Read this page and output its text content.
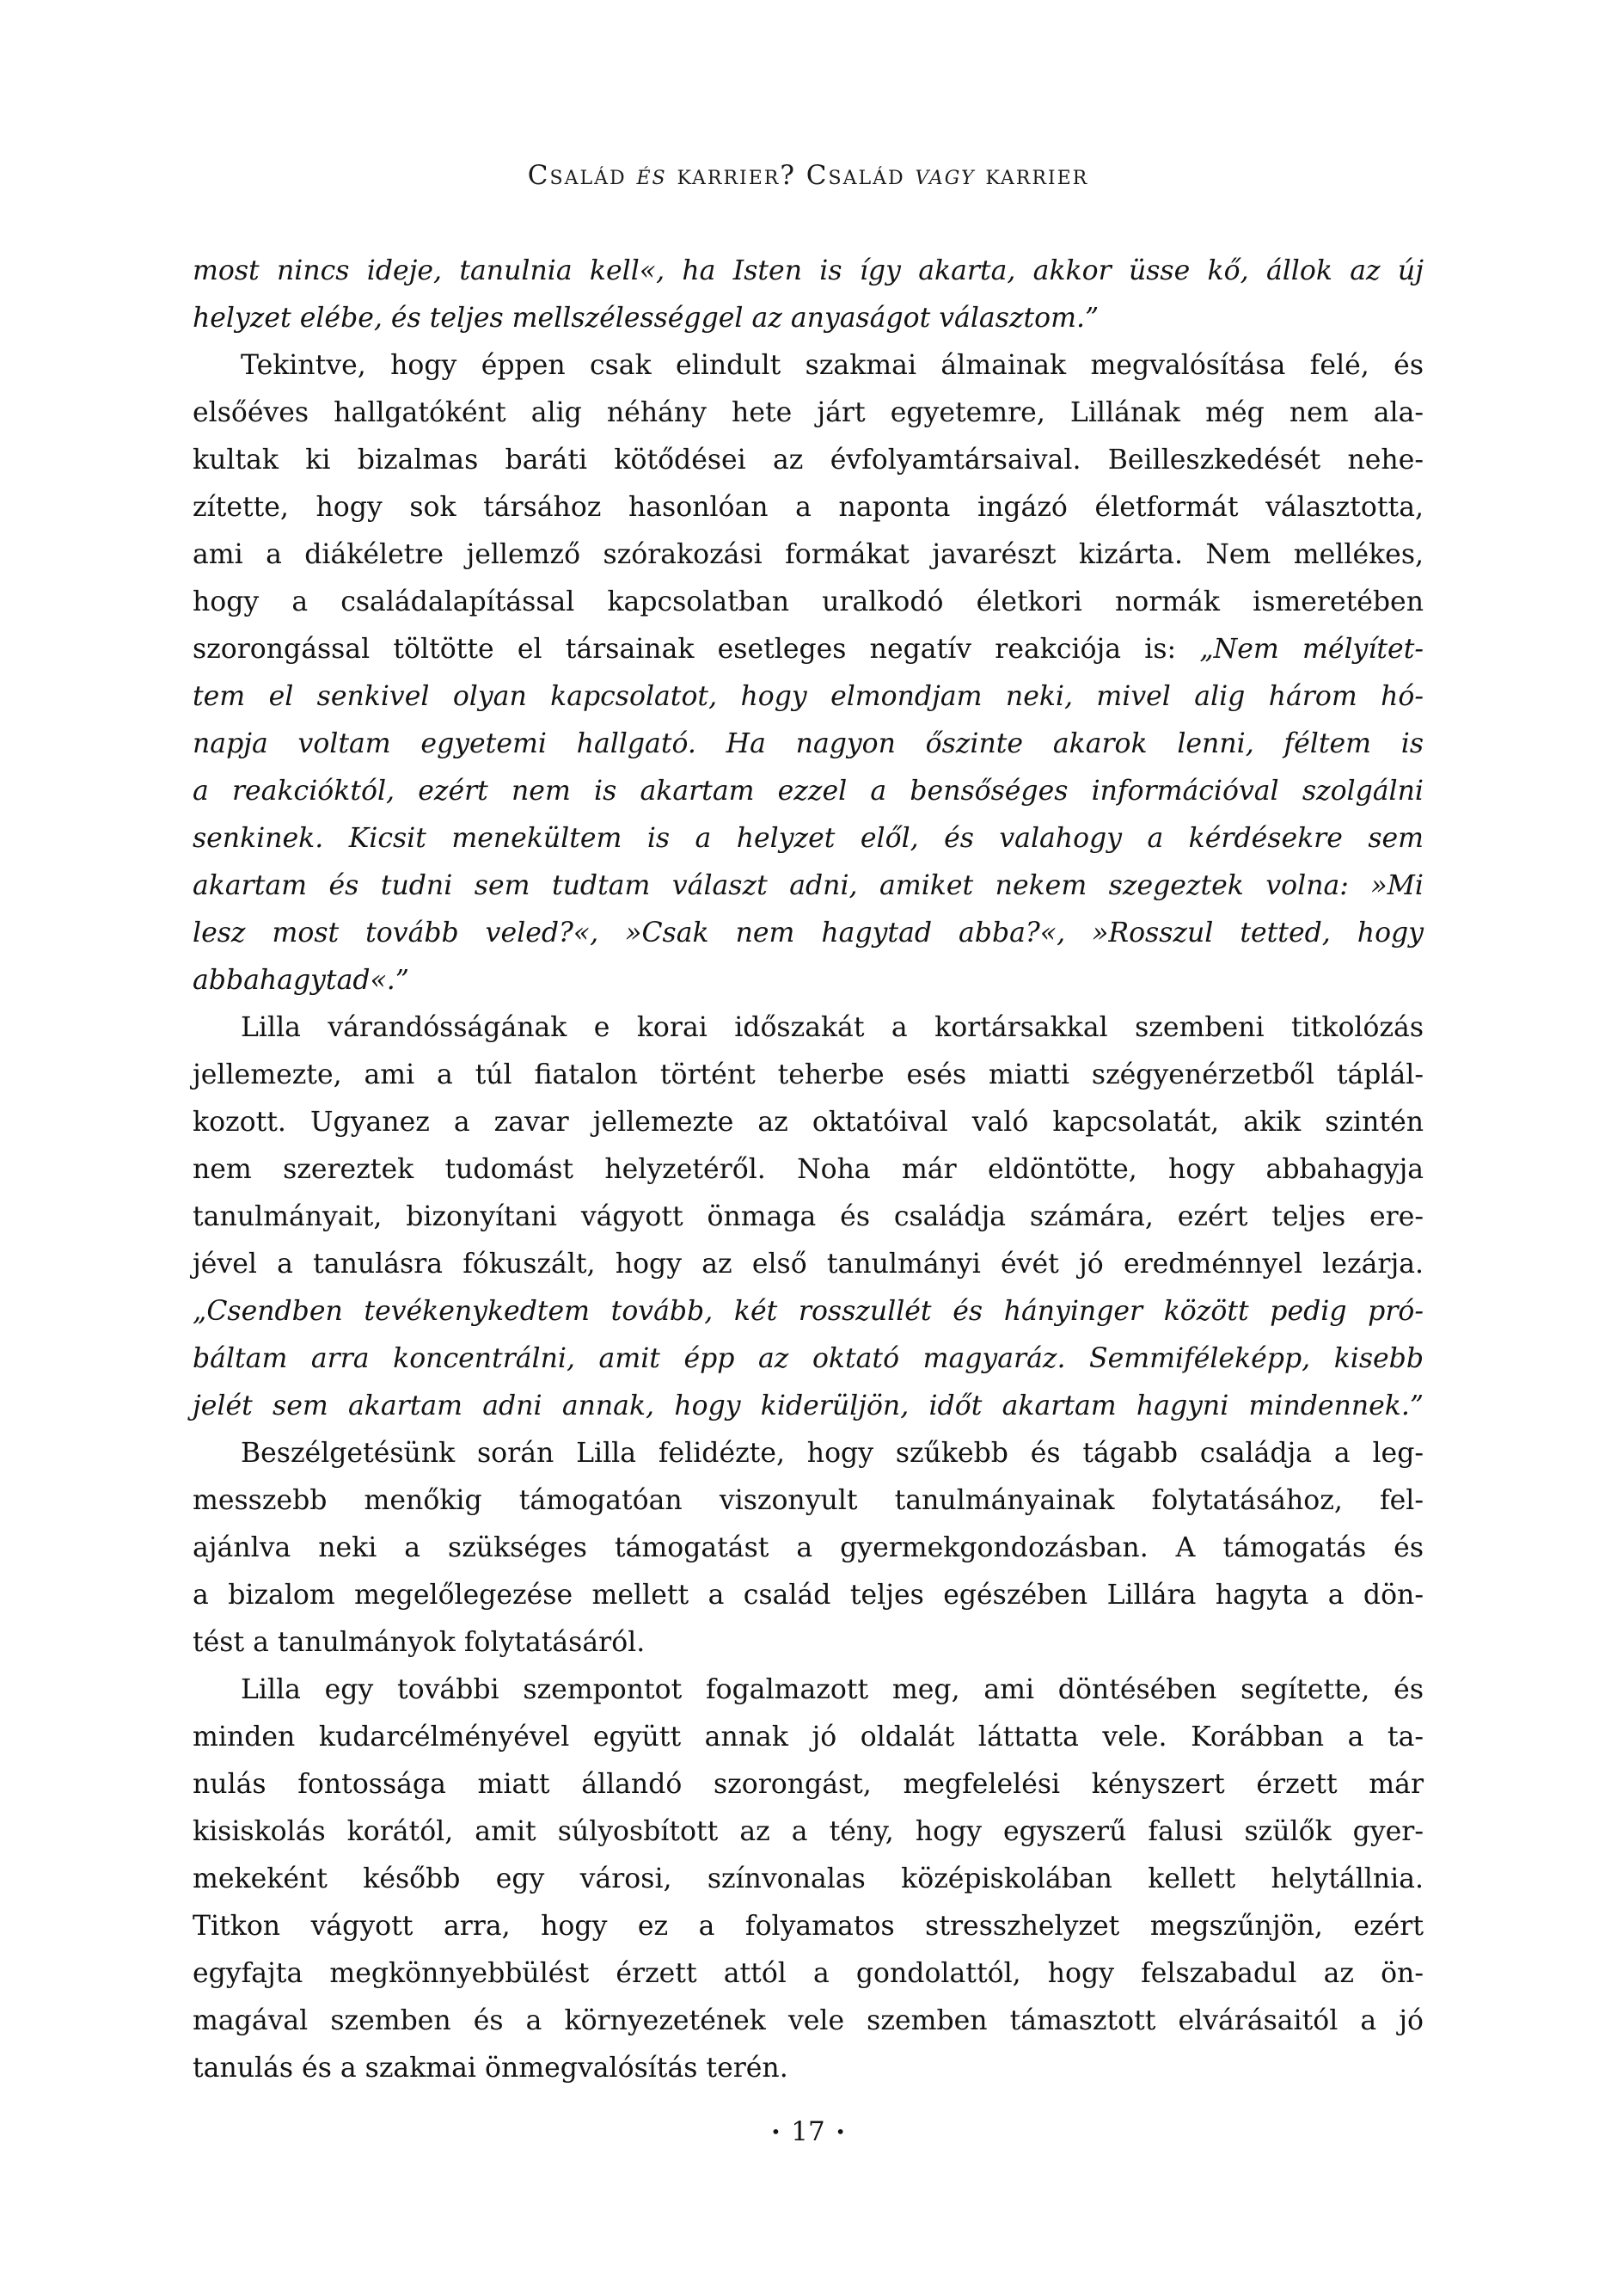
Család és karrier? Család vagy karrier
most nincs ideje, tanulnia kell«, ha Isten is így akarta, akkor üsse kő, állok az új
helyzet elébe, és teljes mellszélességgel az anyaságot választom.”
Tekintve, hogy éppen csak elindult szakmai álmainak megvalósítása felé, és
elsőéves hallgatóként alig néhány hete járt egyetemre, Lillának még nem ala-
kultak ki bizalmas baráti kötődései az évfolyamtársaival. Beilleszkedését nehe-
zítette, hogy sok társához hasonlóan a naponta ingázó életformát választotta,
ami a diákéletre jellemző szórakozási formákat javarészt kizárta. Nem mellékes,
hogy a családalapítással kapcsolatban uralkodó életkori normák ismeretében
szorongással töltötte el társainak esetleges negatív reakciója is: „Nem mélyítet-
tem el senkivel olyan kapcsolatot, hogy elmondjam neki, mivel alig három hó-
napja voltam egyetemi hallgató. Ha nagyon őszinte akarok lenni, féltem is
a reakcióktól, ezért nem is akartam ezzel a bensőséges információval szolgálni
senkinek. Kicsit menekültem is a helyzet elől, és valahogy a kérdésekre sem
akartam és tudni sem tudtam választ adni, amiket nekem szegeztek volna: »Mi
lesz most tovább veled?«, »Csak nem hagytad abba?«, »Rosszul tetted, hogy
abbahagytad«.”
Lilla várandósságának e korai időszakát a kortársakkal szembeni titkolózás
jellemezte, ami a túl fiatalon történt teherbe esés miatti szégyenérzetből táplál-
kozott. Ugyanez a zavar jellemezte az oktatóival való kapcsolatát, akik szintén
nem szereztek tudomást helyzetéről. Noha már eldöntötte, hogy abbahagyja
tanulmányait, bizonyítani vágyott önmaga és családja számára, ezért teljes ere-
jével a tanulásra fókuszált, hogy az első tanulmányi évét jó eredménnyel lezárja.
„Csendben tevékenykedtem tovább, két rosszullét és hányinger között pedig pró-
báltam arra koncentrálni, amit épp az oktató magyaráz. Semmiféleképp, kisebb
jelét sem akartam adni annak, hogy kiderüljön, időt akartam hagyni mindennek.”
Beszélgetésünk során Lilla felidézte, hogy szűkebb és tágabb családja a leg-
messzebb menőkig támogatóan viszonyult tanulmányainak folytatásához, fel-
ajánlva neki a szükséges támogatást a gyermekgondozásban. A támogatás és
a bizalom megelőlegezése mellett a család teljes egészében Lillára hagyta a dön-
tést a tanulmányok folytatásáról.
Lilla egy további szempontot fogalmazott meg, ami döntésében segítette, és
minden kudarcélményével együtt annak jó oldalát láttatta vele. Korábban a ta-
nulás fontossága miatt állandó szorongást, megfelelési kényszert érzett már
kisiskolás korától, amit súlyosbított az a tény, hogy egyszerű falusi szülők gyer-
mekeként később egy városi, színvonalas középiskolában kellett helytállnia.
Titkon vágyott arra, hogy ez a folyamatos stresszhelyzet megszűnjön, ezért
egyfajta megkönnyebbülést érzett attól a gondolattól, hogy felszabadul az ön-
magával szemben és a környezetének vele szemben támasztott elvárásaitól a jó
tanulás és a szakmai önmegvalósítás terén.
• 17 •
